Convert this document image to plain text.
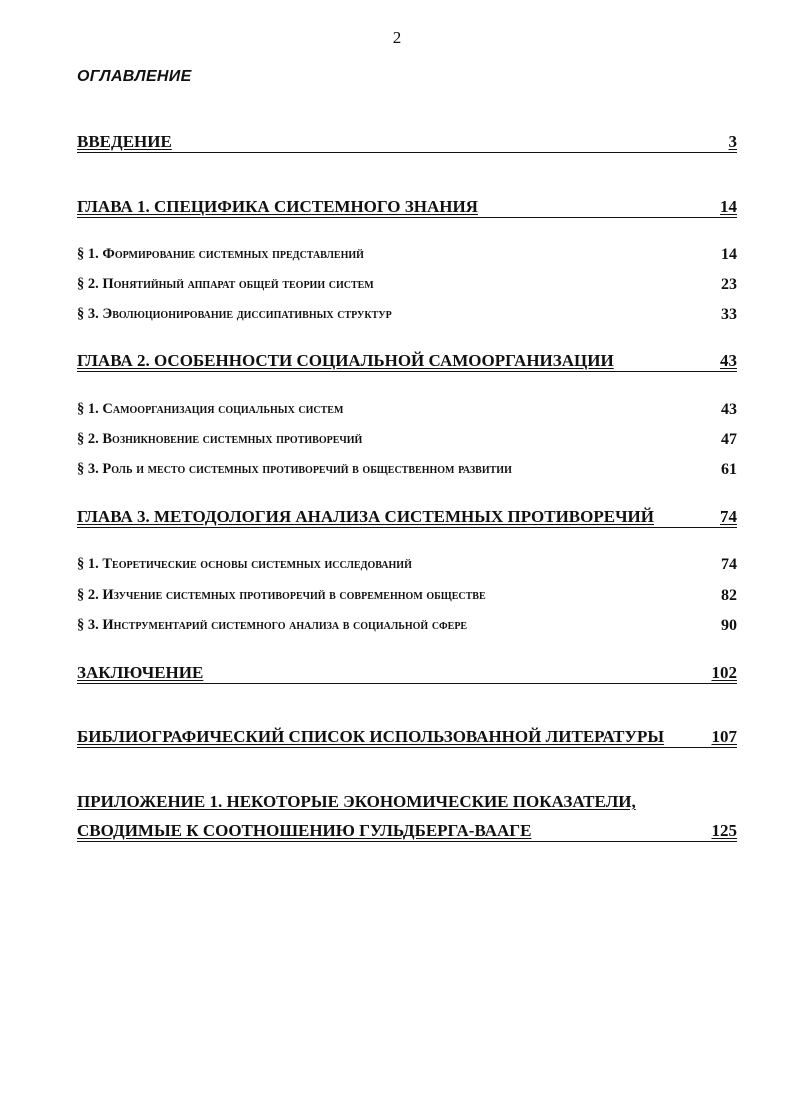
2
ОГЛАВЛЕНИЕ
ВВЕДЕНИЕ	3
ГЛАВА 1. СПЕЦИФИКА СИСТЕМНОГО ЗНАНИЯ	14
§ 1. Формирование системных представлений	14
§ 2. Понятийный аппарат общей теории систем	23
§ 3. Эволюционирование диссипативных структур	33
ГЛАВА 2. ОСОБЕННОСТИ СОЦИАЛЬНОЙ САМООРГАНИЗАЦИИ	43
§ 1. Самоорганизация социальных систем	43
§ 2. Возникновение системных противоречий	47
§ 3. Роль и место системных противоречий в общественном развитии	61
ГЛАВА 3. МЕТОДОЛОГИЯ АНАЛИЗА СИСТЕМНЫХ ПРОТИВОРЕЧИЙ	74
§ 1. Теоретические основы системных исследований	74
§ 2. Изучение системных противоречий в современном обществе	82
§ 3. Инструментарий системного анализа в социальной сфере	90
ЗАКЛЮЧЕНИЕ	102
БИБЛИОГРАФИЧЕСКИЙ СПИСОК ИСПОЛЬЗОВАННОЙ ЛИТЕРАТУРЫ	107
ПРИЛОЖЕНИЕ 1. НЕКОТОРЫЕ ЭКОНОМИЧЕСКИЕ ПОКАЗАТЕЛИ,
СВОДИМЫЕ К СООТНОШЕНИЮ ГУЛЬДБЕРГА-ВААГЕ	125
